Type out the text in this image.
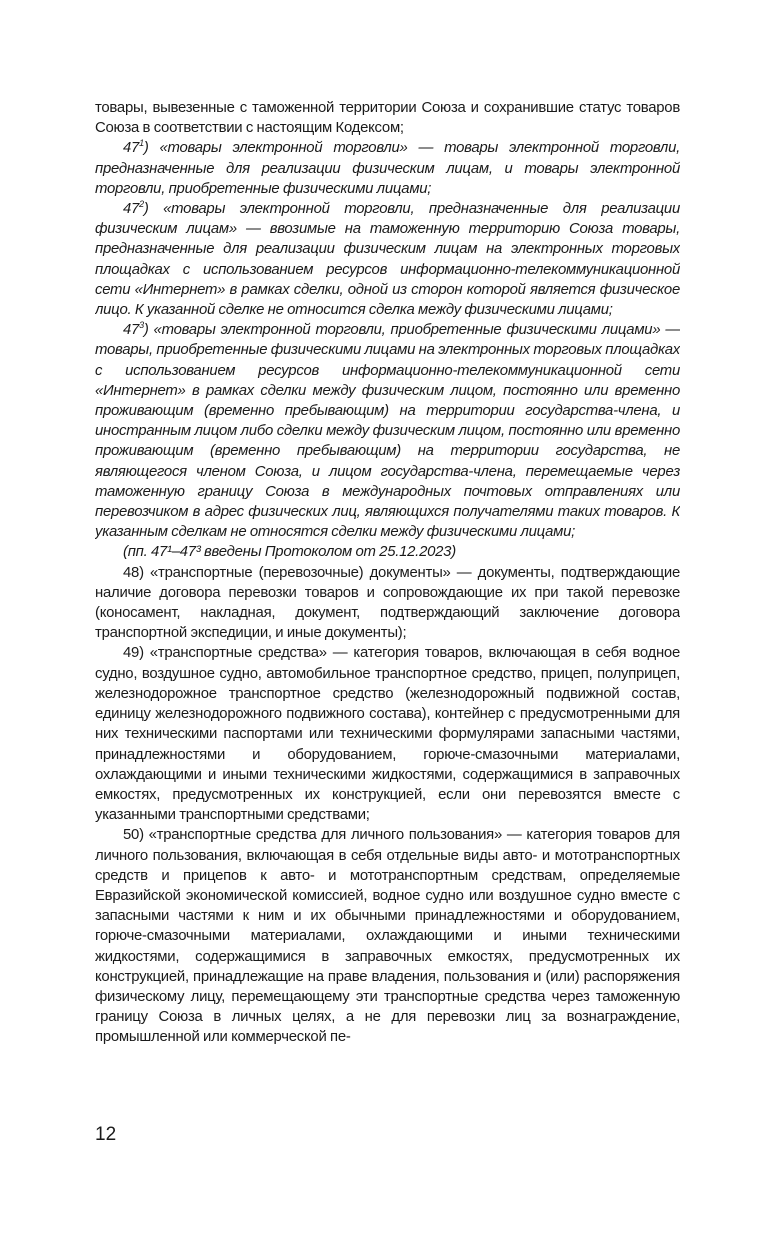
товары, вывезенные с таможенной территории Союза и сохранившие статус товаров Союза в соответствии с настоящим Кодексом;

$47^1$) «товары электронной торговли» — товары электронной торговли, предназначенные для реализации физическим лицам, и товары электронной торговли, приобретенные физическими лицами;

$47^2$) «товары электронной торговли, предназначенные для реализации физическим лицам» — ввозимые на таможенную территорию Союза товары, предназначенные для реализации физическим лицам на электронных торговых площадках с использованием ресурсов информационно-телекоммуникационной сети «Интернет» в рамках сделки, одной из сторон которой является физическое лицо. К указанной сделке не относится сделка между физическими лицами;

$47^3$) «товары электронной торговли, приобретенные физическими лицами» — товары, приобретенные физическими лицами на электронных торговых площадках с использованием ресурсов информационно-телекоммуникационной сети «Интернет» в рамках сделки между физическим лицом, постоянно или временно проживающим (временно пребывающим) на территории государства-члена, и иностранным лицом либо сделки между физическим лицом, постоянно или временно проживающим (временно пребывающим) на территории государства, не являющегося членом Союза, и лицом государства-члена, перемещаемые через таможенную границу Союза в международных почтовых отправлениях или перевозчиком в адрес физических лиц, являющихся получателями таких товаров. К указанным сделкам не относятся сделки между физическими лицами;

(пп. 47¹–47³ введены Протоколом от 25.12.2023)

48) «транспортные (перевозочные) документы» — документы, подтверждающие наличие договора перевозки товаров и сопровождающие их при такой перевозке (коносамент, накладная, документ, подтверждающий заключение договора транспортной экспедиции, и иные документы);

49) «транспортные средства» — категория товаров, включающая в себя водное судно, воздушное судно, автомобильное транспортное средство, прицеп, полуприцеп, железнодорожное транспортное средство (железнодорожный подвижной состав, единицу железнодорожного подвижного состава), контейнер с предусмотренными для них техническими паспортами или техническими формулярами запасными частями, принадлежностями и оборудованием, горюче-смазочными материалами, охлаждающими и иными техническими жидкостями, содержащимися в заправочных емкостях, предусмотренных их конструкцией, если они перевозятся вместе с указанными транспортными средствами;

50) «транспортные средства для личного пользования» — категория товаров для личного пользования, включающая в себя отдельные виды авто- и мототранспортных средств и прицепов к авто- и мототранспортным средствам, определяемые Евразийской экономической комиссией, водное судно или воздушное судно вместе с запасными частями к ним и их обычными принадлежностями и оборудованием, горюче-смазочными материалами, охлаждающими и иными техническими жидкостями, содержащимися в заправочных емкостях, предусмотренных их конструкцией, принадлежащие на праве владения, пользования и (или) распоряжения физическому лицу, перемещающему эти транспортные средства через таможенную границу Союза в личных целях, а не для перевозки лиц за вознаграждение, промышленной или коммерческой пе-

12
